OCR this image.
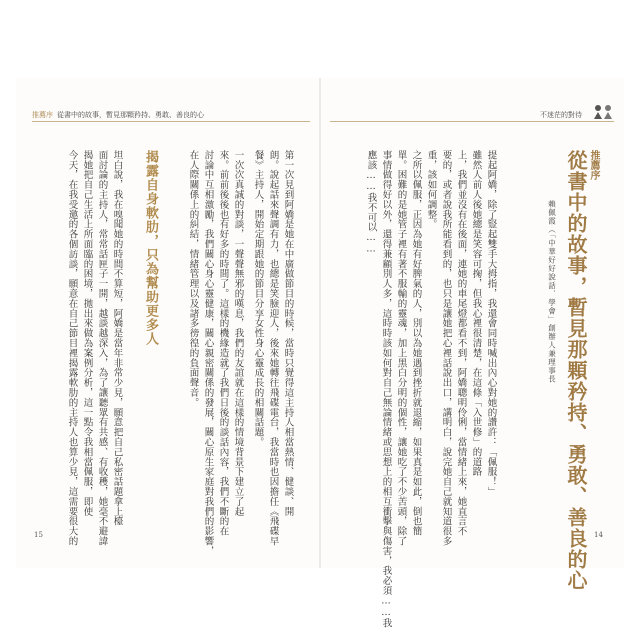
推薦序 從書中的故事，暫見那顆矜持、勇敢、善良的心	不迷茫的對待
第一次見到阿嬌是她在中廣做節目的時候，當時只覺得這主持人相當熱情、健談、開
朗。說起話來聲調有力，也總是笑臉迎人，後來她轉往飛碟電台，我當時也因擔任《飛碟早
餐》主持人，開始定期跟她的節目分享女性身心靈成長的相關話題。
一次次真誠的對談，一聲聲無邪的嘆息，我們的友誼就在這樣的情境背景下建立了起
來。前前後後也有好多的時間了。這樣的機緣造就了我們日後的談話內容，我們不斷的在
討論中互相激勵，我們關心身心靈健康，關心親密關係的發展，關心原生家庭對我們的影響，
在人際關係上的糾結，情緒管理以及諸多徬徨的負面聲音。
揭露自身軟肋，只為幫助更多人
坦白說，我在嗅聞她的時間不算短，阿嬌是當年非常少見，願意把自己私密話題拿上檯
面討論的主持人，常常話匣子一開，越談越深入，為了讓聽眾有共感、有收穫，她毫不避諱
揭她把自己生活上所面臨的困境，拋出來做為案例分析，這一點令我相當佩服，即使
今天，在我受邀的各個訪談，願意在自己節目裡揭露軟肋的主持人也算少見，這需要很大的
15
推薦序
從書中的故事，暫見那顆矜持、勇敢、善良的心
賴佩霞（「中華好好說話．學會」創辦人兼理事長
提起阿嬌，除了豎起雙手大拇指，我還會同時喊出內心對她的讚許：「佩服！」
雖然人前人後她總是笑容可掬，但我心裡很清楚，在這條「入世修」的道路
上，我們並沒有在後面，連她的車尾燈都看不到，阿嬌聰明伶俐，當情緒上來，她直言不
要的，或者說我所能看到的，也只是讓她把心裡話說出口，講明白，說完她自己就知道很多
重，該如何調整。
之所以佩服，正因為她有好脾氣的人，別以為她遇到挫折就退縮，如果真是如此，倒也簡
單。困難的是她管子裡有著不服輸的靈魂，加上黑白分明的個性，讓她吃了不少苦頭，除了
事情做得好以外，還得兼顧別人多，這時時該如何對自己無論情緒或思想上的相互衝擊與傷害，我必須……我
應該……我不可以……
14
